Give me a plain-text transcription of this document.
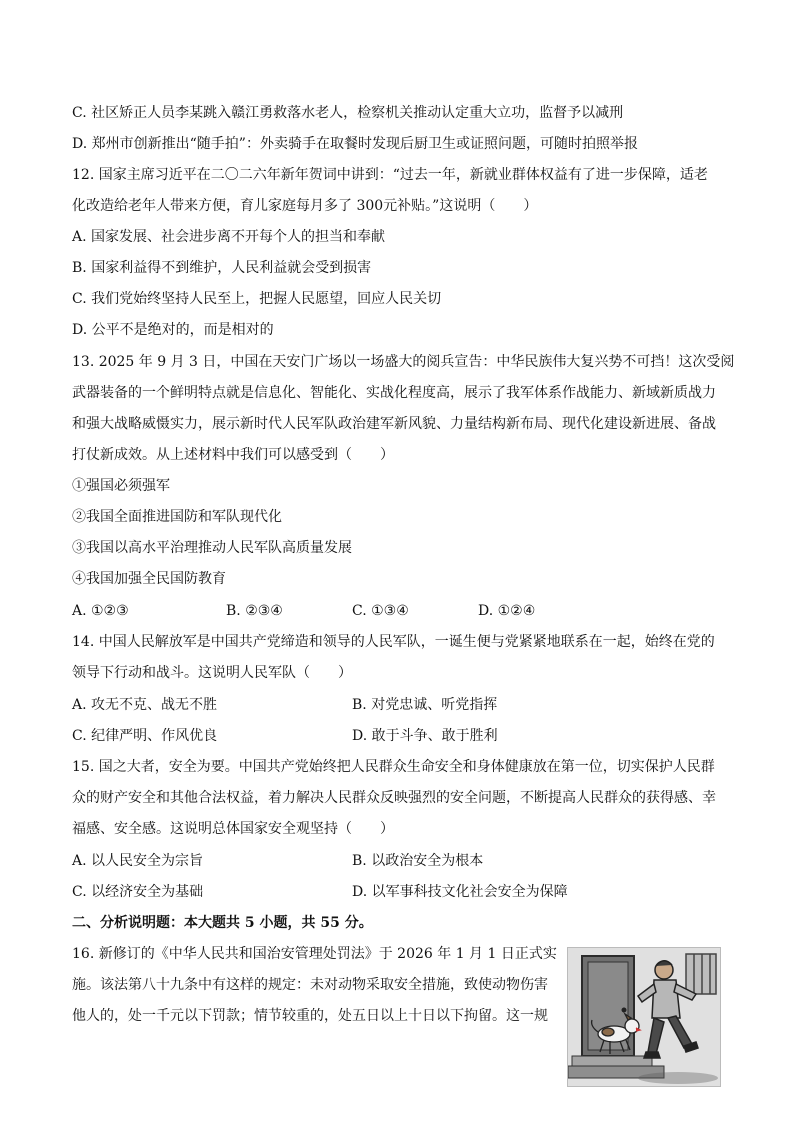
C. 社区矫正人员李某跳入赣江勇救落水老人，检察机关推动认定重大立功，监督予以减刑
D. 郑州市创新推出“随手拍”：外卖骑手在取餐时发现后厨卫生或证照问题，可随时拍照举报
12. 国家主席习近平在二〇二六年新年贺词中讲到：“过去一年，新就业群体权益有了进一步保障，适老
化改造给老年人带来方便，育儿家庭每月多了 300元补贴。”这说明（　　）
A. 国家发展、社会进步离不开每个人的担当和奉献
B. 国家利益得不到维护，人民利益就会受到损害
C. 我们党始终坚持人民至上，把握人民愿望，回应人民关切
D. 公平不是绝对的，而是相对的
13. 2025 年 9 月 3 日，中国在天安门广场以一场盛大的阅兵宣告：中华民族伟大复兴势不可挡！这次受阅
武器装备的一个鲜明特点就是信息化、智能化、实战化程度高，展示了我军体系作战能力、新域新质战力
和强大战略威慑实力，展示新时代人民军队政治建军新风貌、力量结构新布局、现代化建设新进展、备战
打仗新成效。从上述材料中我们可以感受到（　　）
①强国必须强军
②我国全面推进国防和军队现代化
③我国以高水平治理推动人民军队高质量发展
④我国加强全民国防教育
A. ①②③	B. ②③④	C. ①③④	D. ①②④
14. 中国人民解放军是中国共产党缔造和领导的人民军队，一诞生便与党紧紧地联系在一起，始终在党的
领导下行动和战斗。这说明人民军队（　　）
A. 攻无不克、战无不胜	B. 对党忠诚、听党指挥
C. 纪律严明、作风优良	D. 敢于斗争、敢于胜利
15. 国之大者，安全为要。中国共产党始终把人民群众生命安全和身体健康放在第一位，切实保护人民群
众的财产安全和其他合法权益，着力解决人民群众反映强烈的安全问题，不断提高人民群众的获得感、幸
福感、安全感。这说明总体国家安全观坚持（　　）
A. 以人民安全为宗旨	B. 以政治安全为根本
C. 以经济安全为基础	D. 以军事科技文化社会安全为保障
二、分析说明题：本大题共 5 小题，共 55 分。
16. 新修订的《中华人民共和国治安管理处罚法》于 2026 年 1 月 1 日正式实
施。该法第八十九条中有这样的规定：未对动物采取安全措施，致使动物伤害
他人的，处一千元以下罚款；情节较重的，处五日以上十日以下拘留。这一规
